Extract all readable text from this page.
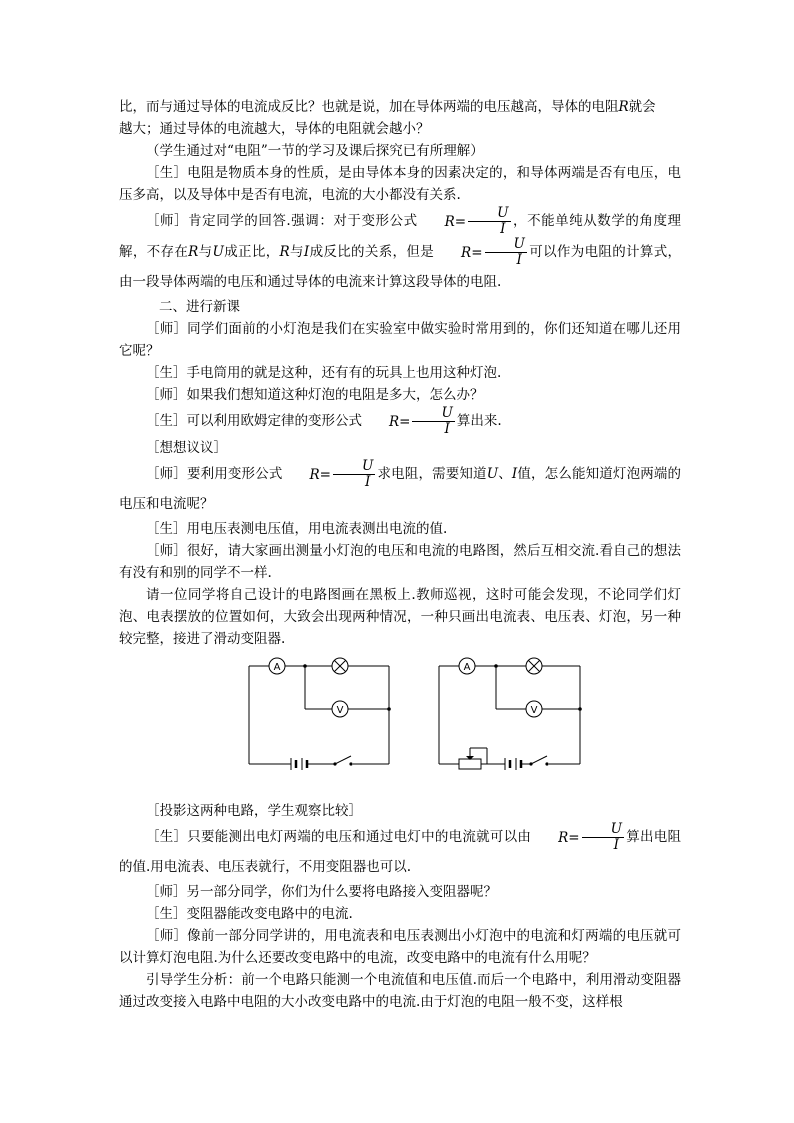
比，而与通过导体的电流成反比？也就是说，加在导体两端的电压越高，导体的电阻R就会
越大；通过导体的电流越大，导体的电阻就会越小？

（学生通过对“电阻”一节的学习及课后探究已有所理解）

［生］电阻是物质本身的性质，是由导体本身的因素决定的，和导体两端是否有电压，电压多高，以及导体中是否有电流，电流的大小都没有关系.

［师］肯定同学的回答.强调：对于变形公式 $R= \frac{U}{I}$ ，不能单纯从数学的角度理解，不存在R与U成正比，R与I成反比的关系，但是 $R= \frac{U}{I}$ 可以作为电阻的计算式，由一段导体两端的电压和通过导体的电流来计算这段导体的电阻.

二、进行新课

［师］同学们面前的小灯泡是我们在实验室中做实验时常用到的，你们还知道在哪儿还用它呢？

［生］手电筒用的就是这种，还有有的玩具上也用这种灯泡.

［师］如果我们想知道这种灯泡的电阻是多大，怎么办？

［生］可以利用欧姆定律的变形公式 $R= \frac{U}{I}$ 算出来.

［想想议议］

［师］要利用变形公式 $R= \frac{U}{I}$ 求电阻，需要知道U、I值，怎么能知道灯泡两端的电压和电流呢？

［生］用电压表测电压值，用电流表测出电流的值.

［师］很好，请大家画出测量小灯泡的电压和电流的电路图，然后互相交流.看自己的想法有没有和别的同学不一样.

请一位同学将自己设计的电路图画在黑板上.教师巡视，这时可能会发现，不论同学们灯泡、电表摆放的位置如何，大致会出现两种情况，一种只画出电流表、电压表、灯泡，另一种较完整，接进了滑动变阻器.

A	A
V	V

［投影这两种电路，学生观察比较］

［生］只要能测出电灯两端的电压和通过电灯中的电流就可以由 $R= \frac{U}{I}$ 算出电阻的值.用电流表、电压表就行，不用变阻器也可以.

［师］另一部分同学，你们为什么要将电路接入变阻器呢？

［生］变阻器能改变电路中的电流.

［师］像前一部分同学讲的，用电流表和电压表测出小灯泡中的电流和灯两端的电压就可以计算灯泡电阻.为什么还要改变电路中的电流，改变电路中的电流有什么用呢？

引导学生分析：前一个电路只能测一个电流值和电压值.而后一个电路中，利用滑动变阻器通过改变接入电路中电阻的大小改变电路中的电流.由于灯泡的电阻一般不变，这样根
